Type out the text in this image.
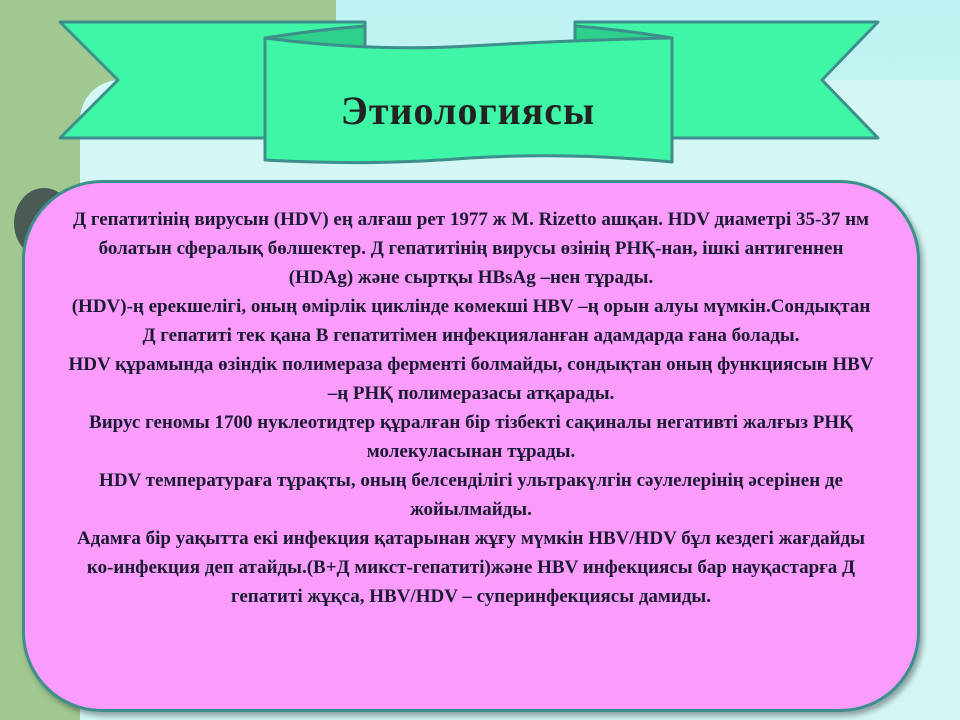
Этиологиясы

Д гепатитінің вирусын (HDV) ең алғаш рет 1977 ж M. Rizetto ашқан. HDV диаметрі 35-37 нм болатын сфералық бөлшектер. Д гепатитінің вирусы өзінің РНҚ-нан, ішкі антигеннен (HDAg) және сыртқы HBsAg –нен тұрады.

(HDV)-ң ерекшелігі, оның өмірлік циклінде көмекші HBV –ң орын алуы мүмкін.Сондықтан Д гепатиті тек қана В гепатитімен инфекцияланған адамдарда ғана болады.

HDV құрамында өзіндік полимераза ферменті болмайды, сондықтан оның функциясын HBV –ң РНҚ полимеразасы атқарады.

Вирус геномы 1700 нуклеотидтер құралған бір тізбекті сақиналы негативті жалғыз РНҚ молекуласынан тұрады.

HDV температураға тұрақты, оның белсенділігі ультракүлгін сәулелерінің әсерінен де жойылмайды.

Адамға бір уақытта екі инфекция қатарынан жұғу мүмкін HBV/HDV бұл кездегі жағдайды ко-инфекция деп атайды.(В+Д микст-гепатиті)және HBV инфекциясы бар науқастарға Д гепатиті жұқса, HBV/HDV – суперинфекциясы дамиды.
